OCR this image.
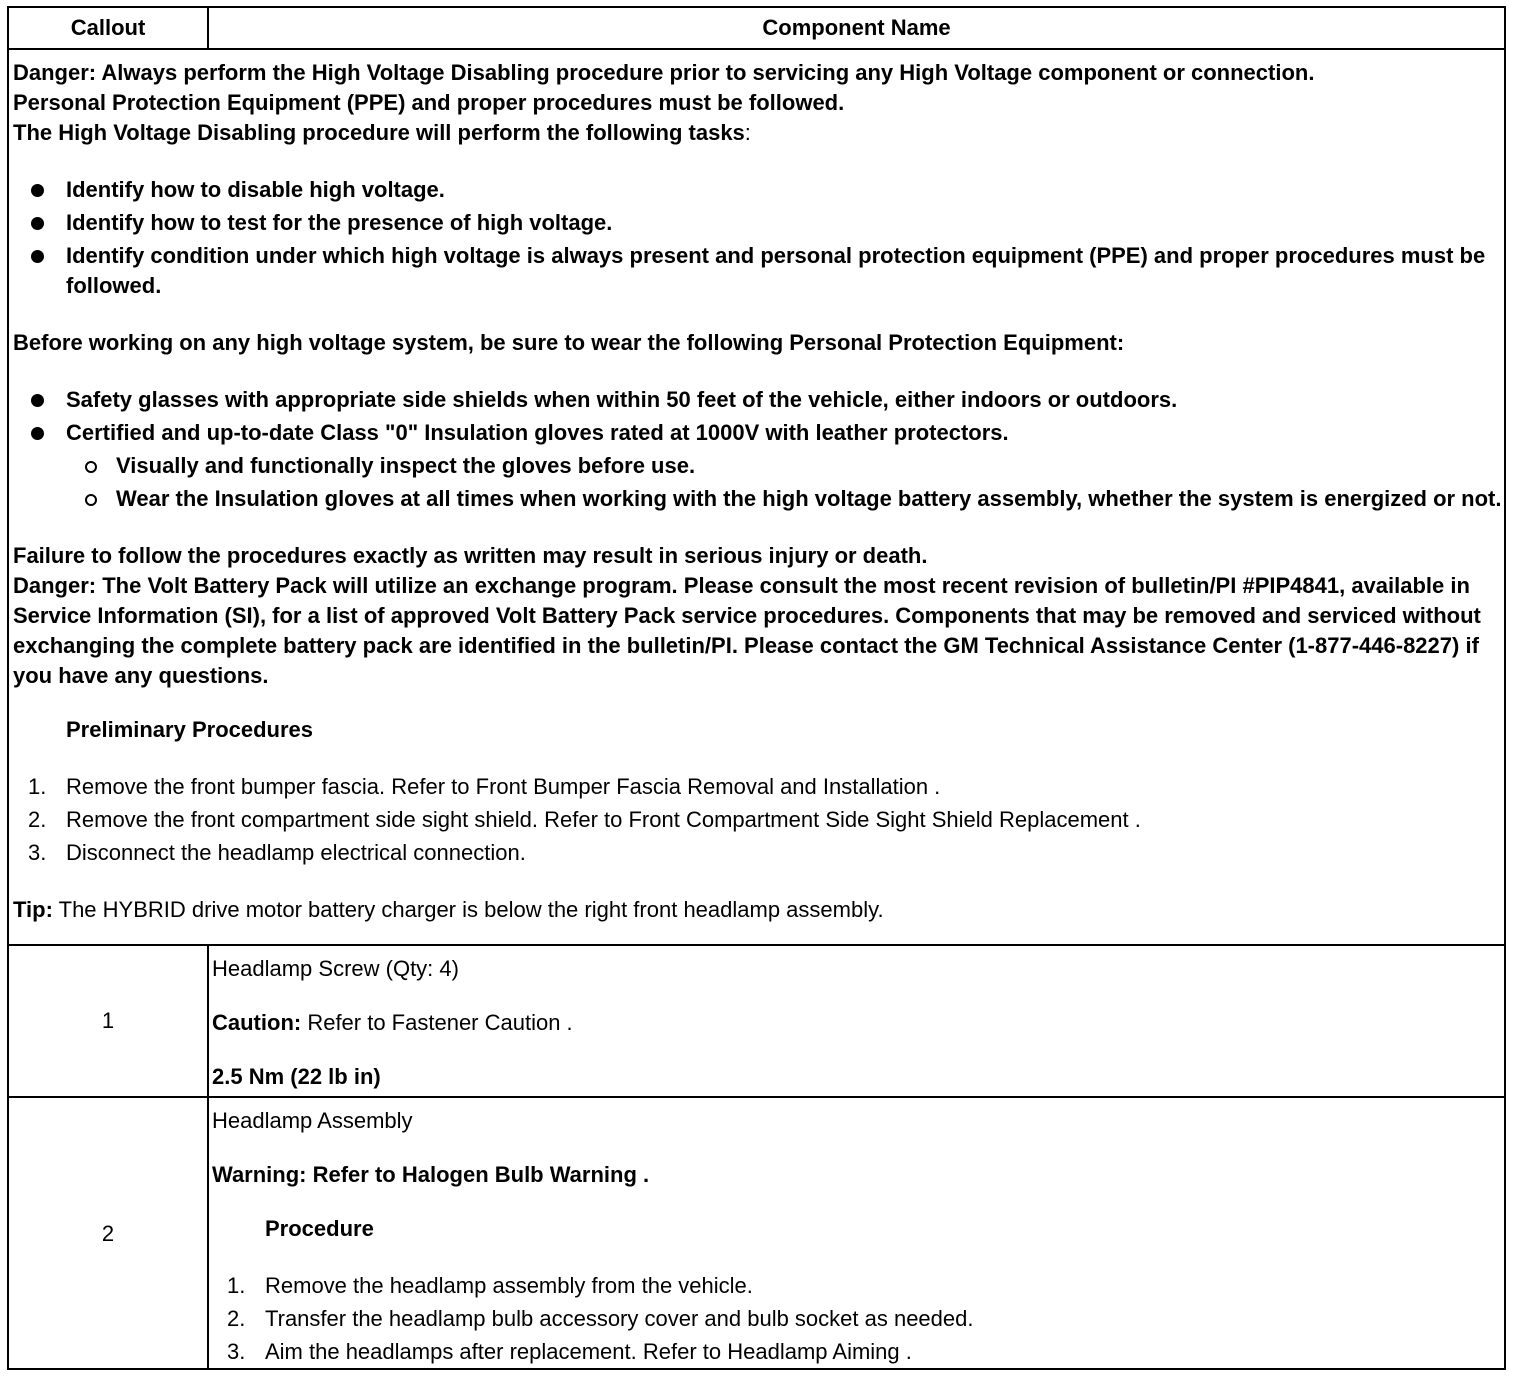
Callout	Component Name

Danger: Always perform the High Voltage Disabling procedure prior to servicing any High Voltage component or connection.

Personal Protection Equipment (PPE) and proper procedures must be followed.

The High Voltage Disabling procedure will perform the following tasks:

Identify how to disable high voltage.
Identify how to test for the presence of high voltage.
Identify condition under which high voltage is always present and personal protection equipment (PPE) and proper procedures must be followed.

Before working on any high voltage system, be sure to wear the following Personal Protection Equipment:

Safety glasses with appropriate side shields when within 50 feet of the vehicle, either indoors or outdoors.
Certified and up-to-date Class "0" Insulation gloves rated at 1000V with leather protectors.
Visually and functionally inspect the gloves before use.
Wear the Insulation gloves at all times when working with the high voltage battery assembly, whether the system is energized or not.

Failure to follow the procedures exactly as written may result in serious injury or death.

Danger: The Volt Battery Pack will utilize an exchange program. Please consult the most recent revision of bulletin/PI #PIP4841, available in Service Information (SI), for a list of approved Volt Battery Pack service procedures. Components that may be removed and serviced without exchanging the complete battery pack are identified in the bulletin/PI. Please contact the GM Technical Assistance Center (1-877-446-8227) if you have any questions.

Preliminary Procedures
1. Remove the front bumper fascia. Refer to Front Bumper Fascia Removal and Installation .
2. Remove the front compartment side sight shield. Refer to Front Compartment Side Sight Shield Replacement .
3. Disconnect the headlamp electrical connection.

Tip: The HYBRID drive motor battery charger is below the right front headlamp assembly.

1

Headlamp Screw (Qty: 4)

Caution: Refer to Fastener Caution .

2.5 Nm (22 lb in)

2

Headlamp Assembly

Warning: Refer to Halogen Bulb Warning .

Procedure
1. Remove the headlamp assembly from the vehicle.
2. Transfer the headlamp bulb accessory cover and bulb socket as needed.
3. Aim the headlamps after replacement. Refer to Headlamp Aiming .
